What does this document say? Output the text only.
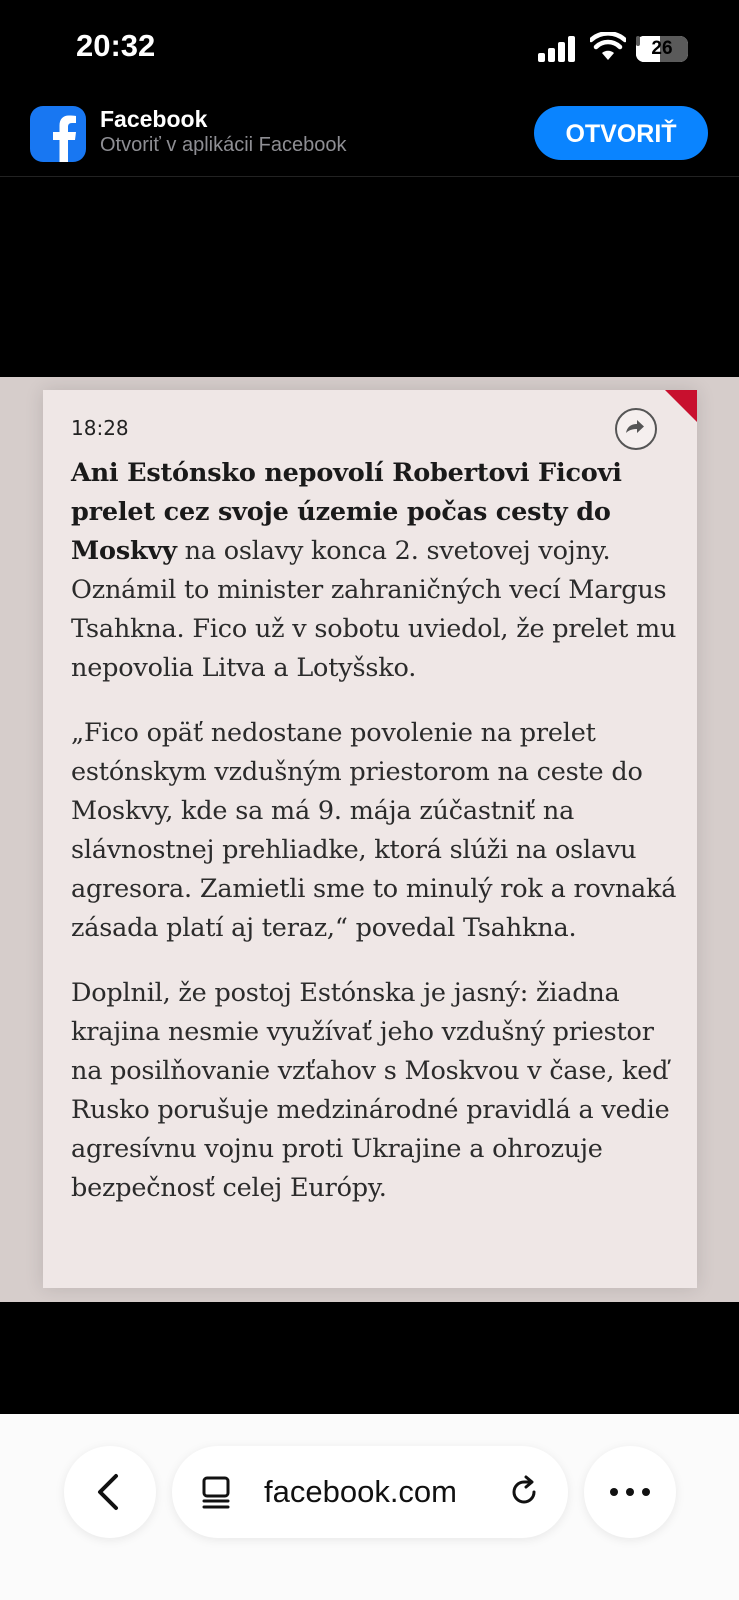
20:32	26
Facebook
Otvoriť v aplikácii Facebook	OTVORIŤ
18:28

Ani Estónsko nepovolí Robertovi Ficovi prelet cez svoje územie počas cesty do Moskvy na oslavy konca 2. svetovej vojny. Oznámil to minister zahraničných vecí Margus Tsahkna. Fico už v sobotu uviedol, že prelet mu nepovolia Litva a Lotyšsko.

„Fico opäť nedostane povolenie na prelet estónskym vzdušným priestorom na ceste do Moskvy, kde sa má 9. mája zúčastniť na slávnostnej prehliadke, ktorá slúži na oslavu agresora. Zamietli sme to minulý rok a rovnaká zásada platí aj teraz,“ povedal Tsahkna.

Doplnil, že postoj Estónska je jasný: žiadna krajina nesmie využívať jeho vzdušný priestor na posilňovanie vzťahov s Moskvou v čase, keď Rusko porušuje medzinárodné pravidlá a vedie agresívnu vojnu proti Ukrajine a ohrozuje bezpečnosť celej Európy.

facebook.com
